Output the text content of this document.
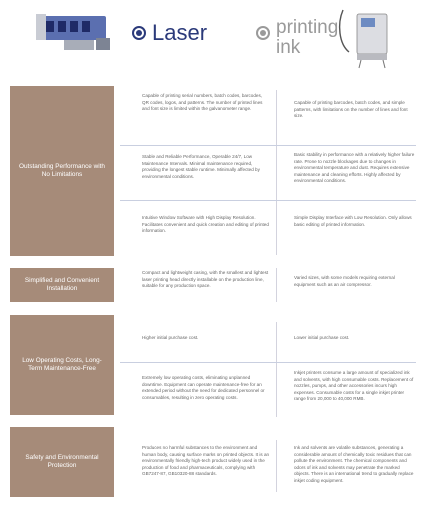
Laser	printing ink
Outstanding Performance with No Limitations
Simplified and Convenient Installation
Low Operating Costs, Long-Term Maintenance-Free
Safety and Environmental Protection
Capable of printing serial numbers, batch codes, barcodes, QR codes, logos, and patterns. The number of printed lines and font size is limited within the galvanometer range.
Capable of printing barcodes, batch codes, and simple patterns, with limitations on the number of lines and font size.
Stable and Reliable Performance, Operable 24/7, Low Maintenance Intervals. Minimal maintenance required, providing the longest stable runtime. Minimally affected by environmental conditions.
Basic stability in performance with a relatively higher failure rate. Prone to nozzle blockages due to changes in environmental temperature and dust. Requires extensive maintenance and cleaning efforts. Highly affected by environmental conditions.
Intuitive Window Software with High Display Resolution. Facilitates convenient and quick creation and editing of printed information.
Simple Display Interface with Low Resolution. Only allows basic editing of printed information.
Compact and lightweight casing, with the smallest and lightest laser printing head directly installable on the production line, suitable for any production space.
Varied sizes, with some models requiring external equipment such as an air compressor.
Higher initial purchase cost.	Lower initial purchase cost.
Extremely low operating costs, eliminating unplanned downtime. Equipment can operate maintenance-free for an extended period without the need for dedicated personnel or consumables, resulting in zero operating costs.
Inkjet printers consume a large amount of specialized ink and solvents, with high consumable costs. Replacement of nozzles, pumps, and other accessories incurs high expenses. Consumable costs for a single inkjet printer range from 20,000 to 40,000 RMB.
Produces no harmful substances to the environment and human body, causing surface marks on printed objects. It is an environmentally friendly high-tech product widely used in the production of food and pharmaceuticals, complying with GB7247-87, GB10320-88 standards.
Ink and solvents are volatile substances, generating a considerable amount of chemically toxic residues that can pollute the environment. The chemical components and odors of ink and solvents may penetrate the marked objects. There is an international trend to gradually replace inkjet coding equipment.
